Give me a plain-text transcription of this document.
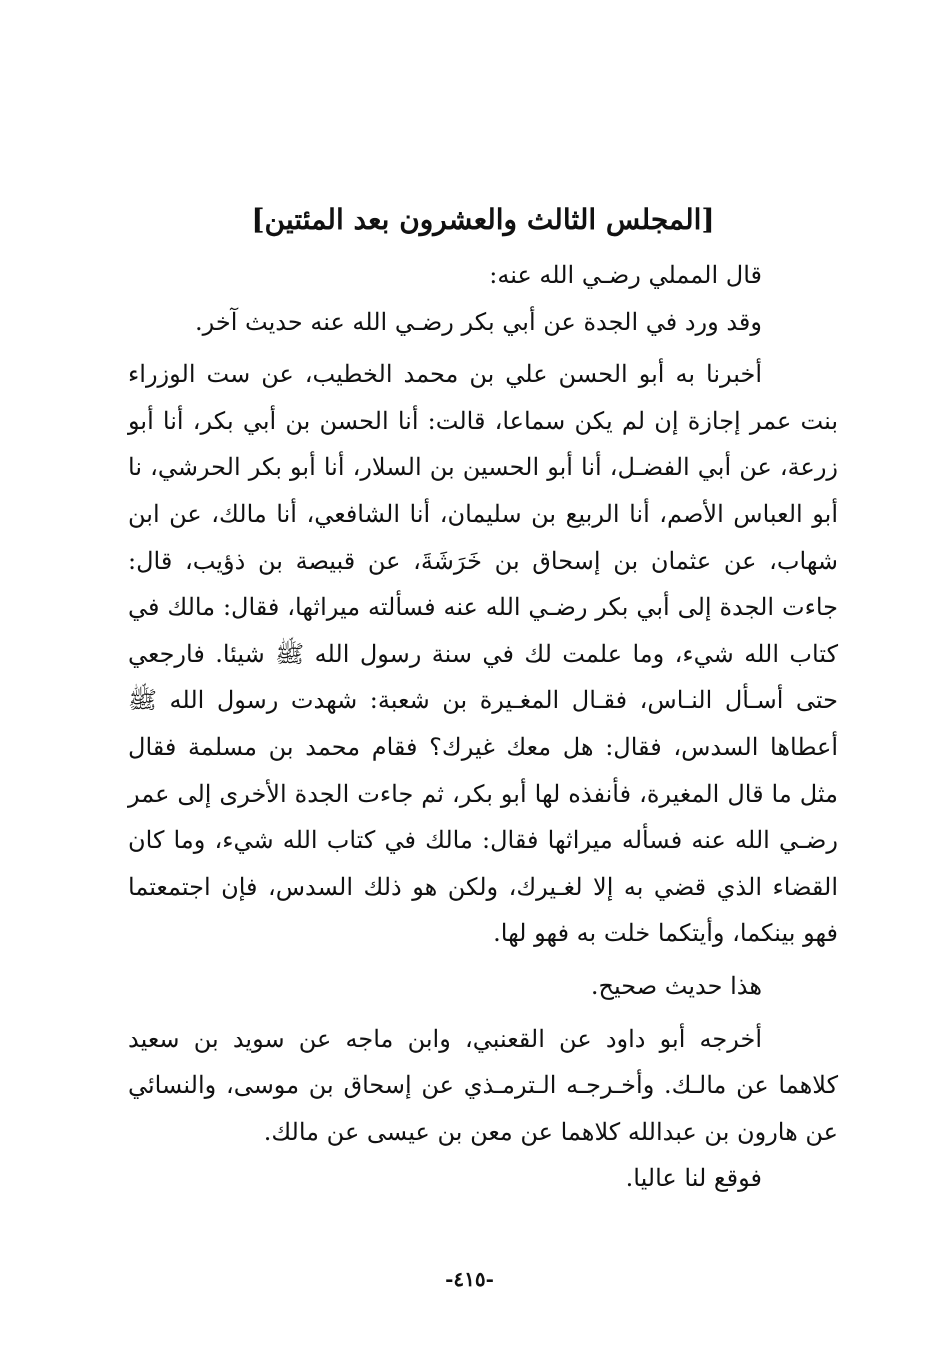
[المجلس الثالث والعشرون بعد المئتين]

قال المملي رضـي الله عنه:

وقد ورد في الجدة عن أبي بكر رضـي الله عنه حديث آخر.

أخبرنا به أبو الحسن علي بن محمد الخطيب، عن ست الوزراء بنت عمر إجازة إن لم يكن سماعا، قالت: أنا الحسن بن أبي بكر، أنا أبو زرعة، عن أبي الفضـل، أنا أبو الحسين بن السلار، أنا أبو بكر الحرشي، نا أبو العباس الأصم، أنا الربيع بن سليمان، أنا الشافعي، أنا مالك، عن ابن شهاب، عن عثمان بن إسحاق بن خَرَشَةَ، عن قبيصة بن ذؤيب، قال: جاءت الجدة إلى أبي بكر رضـي الله عنه فسألته ميراثها، فقال: مالك في كتاب الله شيء، وما علمت لك في سنة رسول الله ﷺ شيئا. فارجعي حتى أسـأل النـاس، فقـال المغـيرة بن شعبة: شهدت رسول الله ﷺ أعطاها السدس، فقال: هل معك غيرك؟ فقام محمد بن مسلمة فقال مثل ما قال المغيرة، فأنفذه لها أبو بكر، ثم جاءت الجدة الأخرى إلى عمر رضـي الله عنه فسأله ميراثها فقال: مالك في كتاب الله شيء، وما كان القضاء الذي قضي به إلا لغـيرك، ولكن هو ذلك السدس، فإن اجتمعتما فهو بينكما، وأيتكما خلت به فهو لها.

هذا حديث صحيح.

أخرجه أبو داود عن القعنبي، وابن ماجه عن سويد بن سعيد كلاهما عن مالـك. وأخـرجـه الـترمـذي عن إسحاق بن موسى، والنسائي عن هارون بن عبدالله كلاهما عن معن بن عيسى عن مالك.

فوقع لنا عاليا.

-٤١٥-
